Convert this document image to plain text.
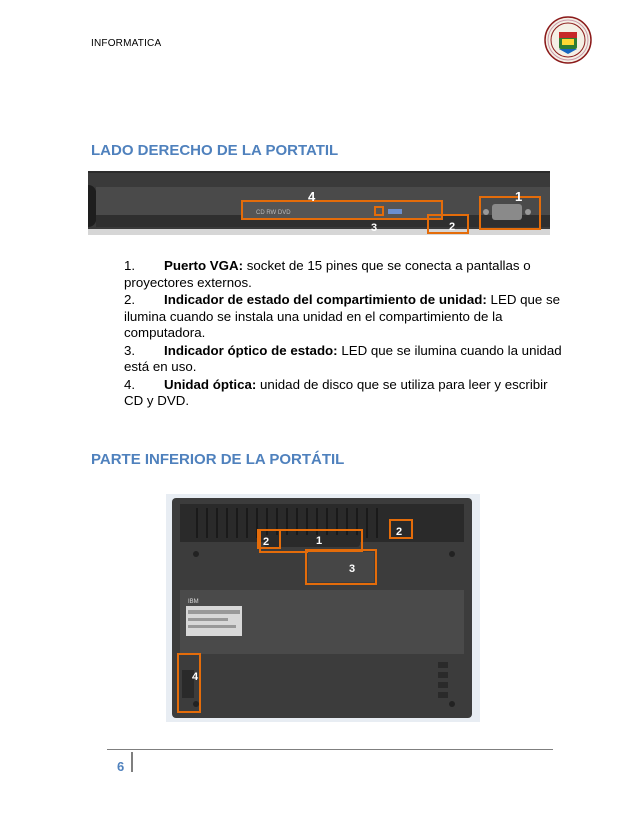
INFORMATICA
LADO DERECHO DE LA PORTATIL
CD RW DVD
4	1
3	2
1. Puerto VGA: socket de 15 pines que se conecta a pantallas o proyectores externos.
2. Indicador de estado del compartimiento de unidad: LED que se ilumina cuando se instala una unidad en el compartimiento de la computadora.
3. Indicador óptico de estado: LED que se ilumina cuando la unidad está en uso.
4. Unidad óptica: unidad de disco que se utiliza para leer y escribir CD y DVD.
PARTE INFERIOR DE LA PORTÁTIL
IBM
2	1
2
3
4
6
